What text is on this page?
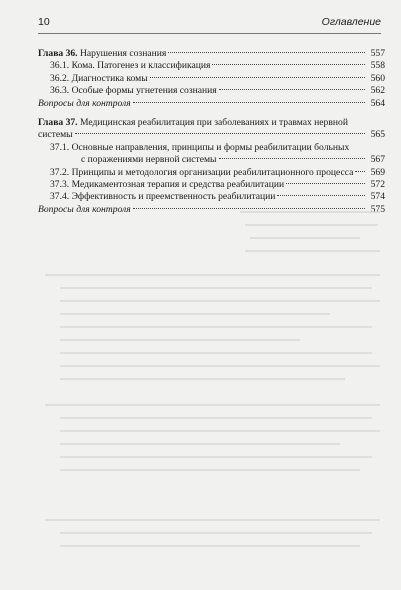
10	Оглавление
Глава 36. Нарушения сознания	557
36.1. Кома. Патогенез и классификация	558
36.2. Диагностика комы	560
36.3. Особые формы угнетения сознания	562
Вопросы для контроля	564
Глава 37. Медицинская реабилитация при заболеваниях и травмах нервной
системы	565
37.1. Основные направления, принципы и формы реабилитации больных
с поражениями нервной системы	567
37.2. Принципы и методология организации реабилитационного процесса	569
37.3. Медикаментозная терапия и средства реабилитации	572
37.4. Эффективность и преемственность реабилитации	574
Вопросы для контроля	575
